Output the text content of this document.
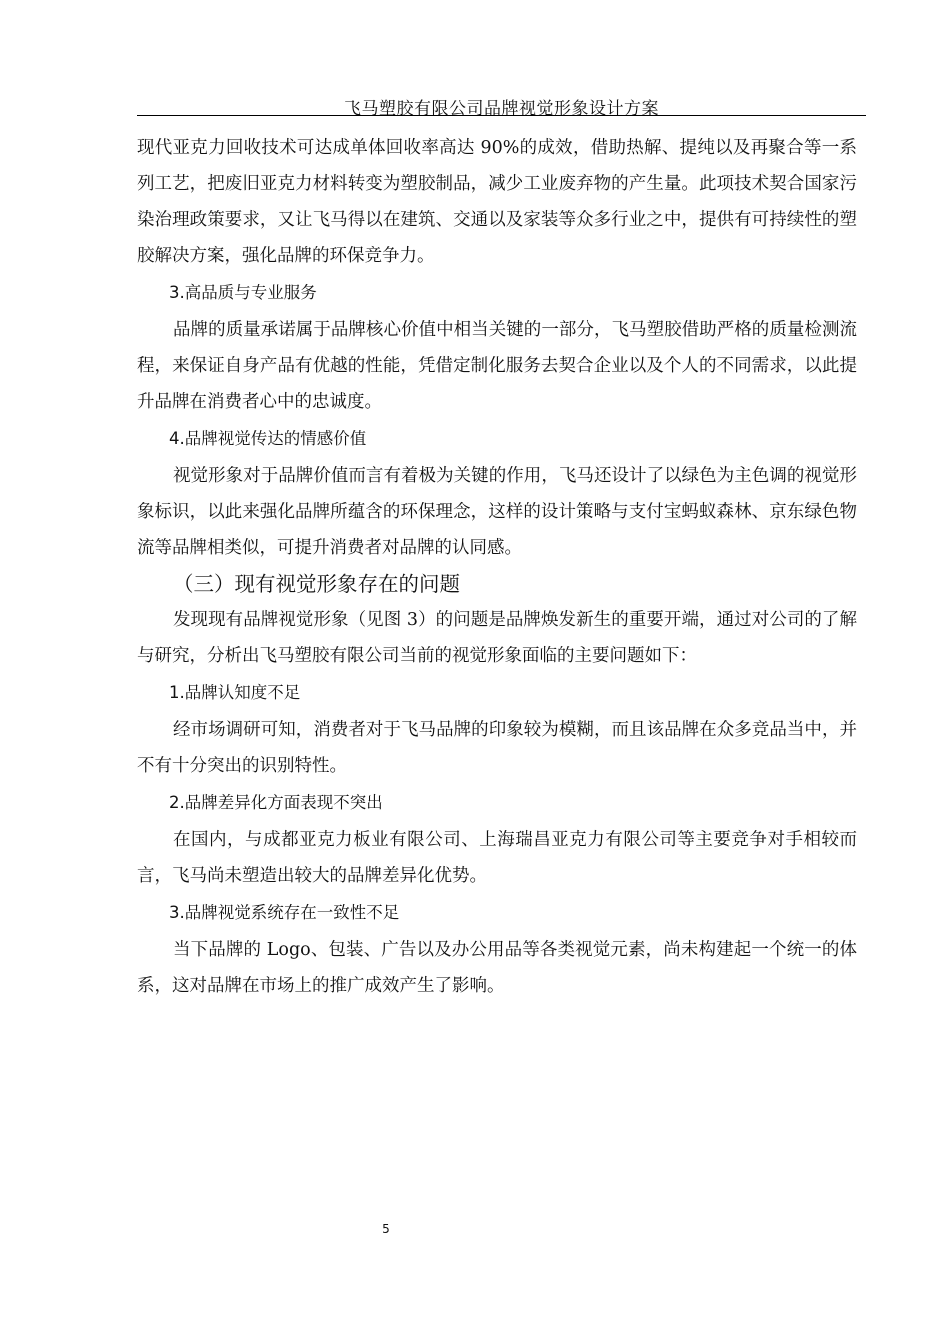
飞马塑胶有限公司品牌视觉形象设计方案

现代亚克力回收技术可达成单体回收率高达 90%的成效，借助热解、提纯以及再聚合等一系列工艺，把废旧亚克力材料转变为塑胶制品，减少工业废弃物的产生量。此项技术契合国家污染治理政策要求，又让飞马得以在建筑、交通以及家装等众多行业之中，提供有可持续性的塑胶解决方案，强化品牌的环保竞争力。

3.高品质与专业服务

品牌的质量承诺属于品牌核心价值中相当关键的一部分，飞马塑胶借助严格的质量检测流程，来保证自身产品有优越的性能，凭借定制化服务去契合企业以及个人的不同需求，以此提升品牌在消费者心中的忠诚度。

4.品牌视觉传达的情感价值

视觉形象对于品牌价值而言有着极为关键的作用，飞马还设计了以绿色为主色调的视觉形象标识，以此来强化品牌所蕴含的环保理念，这样的设计策略与支付宝蚂蚁森林、京东绿色物流等品牌相类似，可提升消费者对品牌的认同感。

（三）现有视觉形象存在的问题

发现现有品牌视觉形象（见图 3）的问题是品牌焕发新生的重要开端，通过对公司的了解与研究，分析出飞马塑胶有限公司当前的视觉形象面临的主要问题如下：

1.品牌认知度不足

经市场调研可知，消费者对于飞马品牌的印象较为模糊，而且该品牌在众多竞品当中，并不有十分突出的识别特性。

2.品牌差异化方面表现不突出

在国内，与成都亚克力板业有限公司、上海瑞昌亚克力有限公司等主要竞争对手相较而言，飞马尚未塑造出较大的品牌差异化优势。

3.品牌视觉系统存在一致性不足

当下品牌的 Logo、包装、广告以及办公用品等各类视觉元素，尚未构建起一个统一的体系，这对品牌在市场上的推广成效产生了影响。

5
